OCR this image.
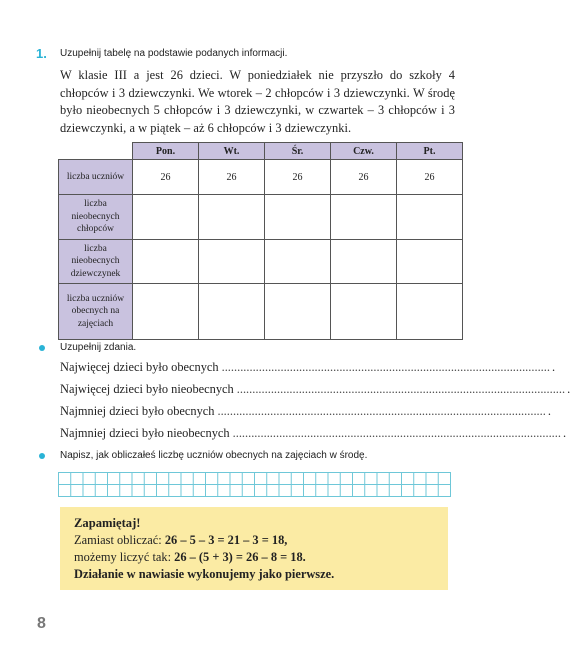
1. Uzupełnij tabelę na podstawie podanych informacji.
W klasie III a jest 26 dzieci. W poniedziałek nie przyszło do szkoły 4 chłopców i 3 dziewczynki. We wtorek – 2 chłopców i 3 dziewczynki. W środę było nieobecnych 5 chłopców i 3 dziewczynki, w czwartek – 3 chłopców i 3 dziewczynki, a w piątek – aż 6 chłopców i 3 dziewczynki.
	Pon.	Wt.	Śr.	Czw.	Pt.
liczba uczniów	26	26	26	26	26
liczba nieobecnych chłopców					
liczba nieobecnych dziewczynek					
liczba uczniów obecnych na zajęciach					
Uzupełnij zdania.
Najwięcej dzieci było obecnych .......................................................................................................... .
Najwięcej dzieci było nieobecnych .......................................................................................................... .
Najmniej dzieci było obecnych .......................................................................................................... .
Najmniej dzieci było nieobecnych .......................................................................................................... .
Napisz, jak obliczałeś liczbę uczniów obecnych na zajęciach w środę.
Zapamiętaj!
Zamiast obliczać: 26 – 5 – 3 = 21 – 3 = 18,
możemy liczyć tak: 26 – (5 + 3) = 26 – 8 = 18.
Działanie w nawiasie wykonujemy jako pierwsze.
8
